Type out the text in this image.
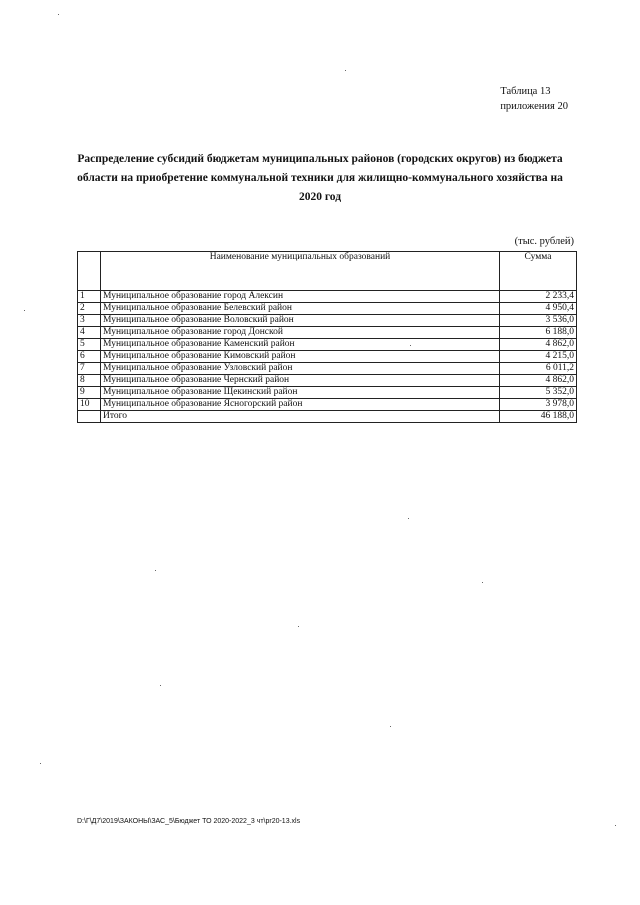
Таблица 13
приложения 20
Распределение субсидий бюджетам муниципальных районов (городских округов) из бюджета области на приобретение коммунальной техники для жилищно-коммунального хозяйства на 2020 год
(тыс. рублей)
	Наименование муниципальных образований	Сумма
1	Муниципальное образование город Алексин	2 233,4
2	Муниципальное образование Белевский район	4 950,4
3	Муниципальное образование Воловский район	3 536,0
4	Муниципальное образование город Донской	6 188,0
5	Муниципальное образование Каменский район	4 862,0
6	Муниципальное образование Кимовский район	4 215,0
7	Муниципальное образование Узловский район	6 011,2
8	Муниципальное образование Чернский район	4 862,0
9	Муниципальное образование Щекинский район	5 352,0
10	Муниципальное образование Ясногорский район	3 978,0
	Итого	46 188,0
D:\Г\Д7\2019\ЗАКОНЫ\ЗАС_5\Бюджет ТО 2020-2022_3 чт\pr20-13.xls
